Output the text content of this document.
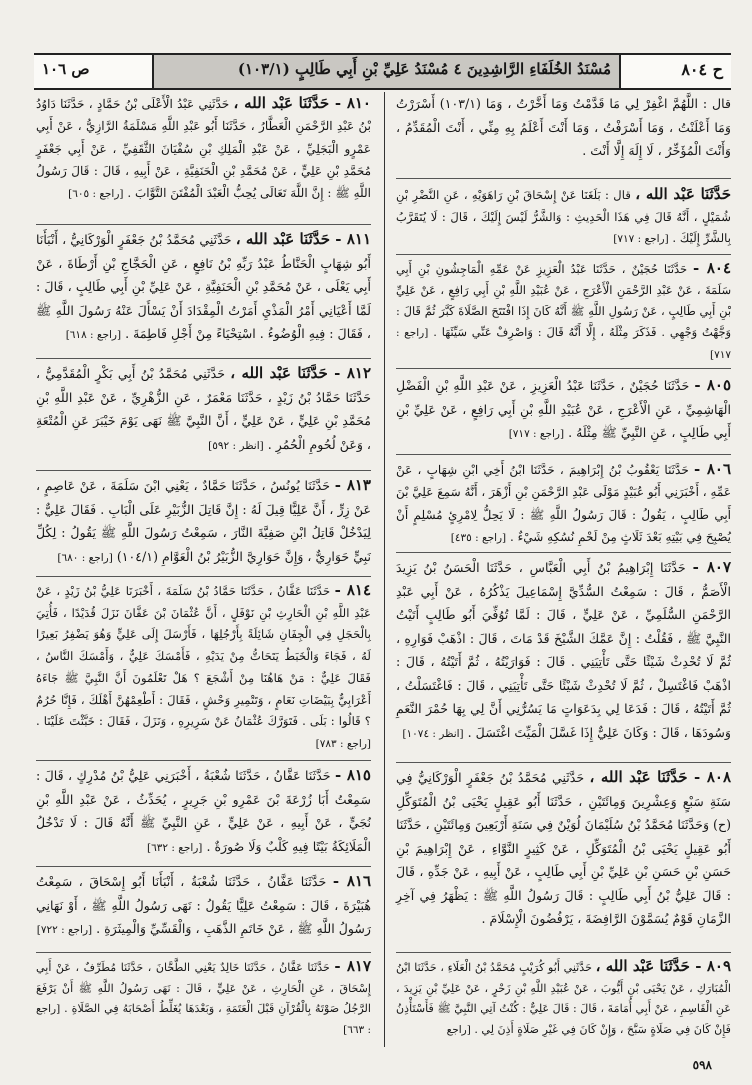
ح ٨٠٤
مُسْنَدُ الخُلَفَاءِ الرَّاشِدِينَ ٤ مُسْنَدُ عَلِيِّ بْنِ أَبِي طَالِبٍ (١٠٣/١)
ص ١٠٦
قال : اللَّهُمَّ اغْفِرْ لِي مَا قَدَّمْتُ وَمَا أَخَّرْتُ ، وَمَا (١٠٣/١) أَسْرَرْتُ وَمَا أَعْلَنْتُ ، وَمَا أَسْرَفْتُ ، وَمَا أَنْتَ أَعْلَمُ بِهِ مِنِّي ، أَنْتَ الْمُقَدِّمُ ، وَأَنْتَ الْمُؤَخِّرُ ، لَا إِلَهَ إِلَّا أَنْتَ .
حَدَّثَنَا عَبْد الله ، قال : بَلَغَنَا عَنْ إِسْحَاقَ بْنِ رَاهَوَيْهِ ، عَنِ النَّضْرِ بْنِ شُمَيْلٍ ، أَنَّهُ قَالَ فِي هَذَا الْحَدِيثِ : وَالشَّرُّ لَيْسَ إِلَيْكَ ، قَالَ : لَا يُتَقَرَّبُ بِالشَّرِّ إِلَيْكَ . [راجع : ٧١٧]
٨٠٤ - حَدَّثَنَا حُجَيْنٌ ، حَدَّثَنَا عَبْدُ الْعَزِيزِ عَنْ عَمِّهِ الْمَاجِشُونِ بْنِ أَبِي سَلَمَةَ ، عَنْ عَبْدِ الرَّحْمَنِ الْأَعْرَجِ ، عَنْ عُبَيْدِ اللَّهِ بْنِ أَبِي رَافِعٍ ، عَنْ عَلِيِّ بْنِ أَبِي طَالِبٍ ، عَنْ رَسُولِ اللَّهِ ﷺ أَنَّهُ كَانَ إِذَا افْتَتَحَ الصَّلَاةَ كَبَّرَ ثُمَّ قَالَ : وَجَّهْتُ وَجْهِي . فَذَكَرَ مِثْلَهُ ، إِلَّا أَنَّهُ قَالَ : وَاصْرِفْ عَنِّي سَيِّئَهَا . [راجع : ٧١٧]
٨٠٥ - حَدَّثَنَا حُجَيْنٌ ، حَدَّثَنَا عَبْدُ الْعَزِيزِ ، عَنْ عَبْدِ اللَّهِ بْنِ الْفَضْلِ الْهَاشِمِيِّ ، عَنِ الْأَعْرَجِ ، عَنْ عُبَيْدِ اللَّهِ بْنِ أَبِي رَافِعٍ ، عَنْ عَلِيِّ بْنِ أَبِي طَالِبٍ ، عَنِ النَّبِيِّ ﷺ مِثْلَهُ . [راجع : ٧١٧]
٨٠٦ - حَدَّثَنَا يَعْقُوبُ بْنُ إِبْرَاهِيمَ ، حَدَّثَنَا ابْنُ أَخِي ابْنِ شِهَابٍ ، عَنْ عَمِّهِ ، أَخْبَرَنِي أَبُو عُبَيْدٍ مَوْلَى عَبْدِ الرَّحْمَنِ بْنِ أَزْهَرَ ، أَنَّهُ سَمِعَ عَلِيَّ بْنَ أَبِي طَالِبٍ ، يَقُولُ : قَالَ رَسُولُ اللَّهِ ﷺ : لَا يَحِلُّ لِامْرِئٍ مُسْلِمٍ أَنْ يُصْبِحَ فِي بَيْتِهِ بَعْدَ ثَلَاثٍ مِنْ لَحْمِ نُسُكِهِ شَيْءٌ . [راجع : ٤٣٥]
٨٠٧ - حَدَّثَنَا إِبْرَاهِيمُ بْنُ أَبِي الْعَبَّاسِ ، حَدَّثَنَا الْحَسَنُ بْنُ يَزِيدَ الْأَصَمُّ ، قَالَ : سَمِعْتُ السُّدِّيَّ إِسْمَاعِيلَ يَذْكُرُهُ ، عَنْ أَبِي عَبْدِ الرَّحْمَنِ السُّلَمِيِّ ، عَنْ عَلِيٍّ ، قَالَ : لَمَّا تُوُفِّيَ أَبُو طَالِبٍ أَتَيْتُ النَّبِيَّ ﷺ ، فَقُلْتُ : إِنَّ عَمَّكَ الشَّيْخَ قَدْ مَاتَ ، قَالَ : اذْهَبْ فَوَارِهِ ، ثُمَّ لَا تُحْدِثْ شَيْئًا حَتَّى تَأْتِيَنِي . قَالَ : فَوَارَيْتُهُ ، ثُمَّ أَتَيْتُهُ ، قَالَ : اذْهَبْ فَاغْتَسِلْ ، ثُمَّ لَا تُحْدِثْ شَيْئًا حَتَّى تَأْتِيَنِي ، قَالَ : فَاغْتَسَلْتُ ، ثُمَّ أَتَيْتُهُ ، قَالَ : فَدَعَا لِي بِدَعَوَاتٍ مَا يَسُرُّنِي أَنَّ لِي بِهَا حُمْرَ النَّعَمِ وَسُودَهَا ، قَالَ : وَكَانَ عَلِيٌّ إِذَا غَسَّلَ الْمَيِّتَ اغْتَسَلَ . [انظر : ١٠٧٤]
٨٠٨ - حَدَّثَنَا عَبْد الله ، حَدَّثَنِي مُحَمَّدُ بْنُ جَعْفَرٍ الْوَرْكَانِيُّ فِي سَنَةِ سَبْعٍ وَعِشْرِينَ وَمِائَتَيْنِ ، حَدَّثَنَا أَبُو عَقِيلٍ يَحْيَى بْنُ الْمُتَوَكِّلِ (ح) وَحَدَّثَنَا مُحَمَّدُ بْنُ سُلَيْمَانَ لُوَيْنٌ فِي سَنَةِ أَرْبَعِينَ وَمِائَتَيْنِ ، حَدَّثَنَا أَبُو عَقِيلٍ يَحْيَى بْنُ الْمُتَوَكِّلِ ، عَنْ كَثِيرٍ النَّوَّاءِ ، عَنْ إِبْرَاهِيمَ بْنِ حَسَنِ بْنِ حَسَنِ بْنِ عَلِيِّ بْنِ أَبِي طَالِبٍ ، عَنْ أَبِيهِ ، عَنْ جَدِّهِ ، قَالَ : قَالَ عَلِيُّ بْنُ أَبِي طَالِبٍ : قَالَ رَسُولُ اللَّهِ ﷺ : يَظْهَرُ فِي آخِرِ الزَّمَانِ قَوْمٌ يُسَمَّوْنَ الرَّافِضَةَ ، يَرْفُضُونَ الْإِسْلَامَ .
٨٠٩ - حَدَّثَنَا عَبْد الله ، حَدَّثَنِي أَبُو كُرَيْبٍ مُحَمَّدُ بْنُ الْعَلَاءِ ، حَدَّثَنَا ابْنُ الْمُبَارَكِ ، عَنْ يَحْيَى بْنِ أَيُّوبَ ، عَنْ عُبَيْدِ اللَّهِ بْنِ زَحْرٍ ، عَنْ عَلِيِّ بْنِ يَزِيدَ ، عَنِ الْقَاسِمِ ، عَنْ أَبِي أُمَامَةَ ، قَالَ : قَالَ عَلِيٌّ : كُنْتُ آتِي النَّبِيَّ ﷺ فَأَسْتَأْذِنُ فَإِنْ كَانَ فِي صَلَاةٍ سَبَّحَ ، وَإِنْ كَانَ فِي غَيْرِ صَلَاةٍ أَذِنَ لِي . [راجع
٨١٠ - حَدَّثَنَا عَبْد الله ، حَدَّثَنِي عَبْدُ الْأَعْلَى بْنُ حَمَّادٍ ، حَدَّثَنَا دَاوُدُ بْنُ عَبْدِ الرَّحْمَنِ الْعَطَّارُ ، حَدَّثَنَا أَبُو عَبْدِ اللَّهِ مَسْلَمَةُ الرَّازِيُّ ، عَنْ أَبِي عَمْرٍو الْبَجَلِيِّ ، عَنْ عَبْدِ الْمَلِكِ بْنِ سُفْيَانَ الثَّقَفِيِّ ، عَنْ أَبِي جَعْفَرٍ مُحَمَّدِ بْنِ عَلِيٍّ ، عَنْ مُحَمَّدِ بْنِ الْحَنَفِيَّةِ ، عَنْ أَبِيهِ ، قَالَ : قَالَ رَسُولُ اللَّهِ ﷺ : إِنَّ اللَّهَ تَعَالَى يُحِبُّ الْعَبْدَ الْمُفْتَنَ التَّوَّابَ . [راجع : ٦٠٥]
٨١١ - حَدَّثَنَا عَبْد الله ، حَدَّثَنِي مُحَمَّدُ بْنُ جَعْفَرٍ الْوَرْكَانِيُّ ، أَنْبَأَنَا أَبُو شِهَابٍ الْحَنَّاطُ عَبْدُ رَبِّهِ بْنُ نَافِعٍ ، عَنِ الْحَجَّاجِ بْنِ أَرْطَاةَ ، عَنْ أَبِي يَعْلَى ، عَنْ مُحَمَّدِ بْنِ الْحَنَفِيَّةِ ، عَنْ عَلِيِّ بْنِ أَبِي طَالِبٍ ، قَالَ : لَمَّا أَعْيَانِي أَمْرُ الْمَذْيِ أَمَرْتُ الْمِقْدَادَ أَنْ يَسْأَلَ عَنْهُ رَسُولَ اللَّهِ ﷺ ، فَقَالَ : فِيهِ الْوُضُوءُ . اسْتِحْيَاءً مِنْ أَجْلِ فَاطِمَةَ . [راجع : ٦١٨]
٨١٢ - حَدَّثَنَا عَبْد الله ، حَدَّثَنِي مُحَمَّدُ بْنُ أَبِي بَكْرٍ الْمُقَدَّمِيُّ ، حَدَّثَنَا حَمَّادُ بْنُ زَيْدٍ ، حَدَّثَنَا مَعْمَرٌ ، عَنِ الزُّهْرِيِّ ، عَنْ عَبْدِ اللَّهِ بْنِ مُحَمَّدِ بْنِ عَلِيٍّ ، عَنْ عَلِيٍّ ، أَنَّ النَّبِيَّ ﷺ نَهَى يَوْمَ خَيْبَرَ عَنِ الْمُتْعَةِ ، وَعَنْ لُحُومِ الْحُمُرِ . [انظر : ٥٩٢]
٨١٣ - حَدَّثَنَا يُونُسُ ، حَدَّثَنَا حَمَّادٌ ، يَعْنِي ابْنَ سَلَمَةَ ، عَنْ عَاصِمٍ ، عَنْ زِرٍّ ، أَنَّ عَلِيًّا قِيلَ لَهُ : إِنَّ قَاتِلَ الزُّبَيْرِ عَلَى الْبَابِ . فَقَالَ عَلِيٌّ : لِيَدْخُلْ قَاتِلُ ابْنِ صَفِيَّةَ النَّارَ ، سَمِعْتُ رَسُولَ اللَّهِ ﷺ يَقُولُ : لِكُلِّ نَبِيٍّ حَوَارِيٌّ ، وَإِنَّ حَوَارِيَّ الزُّبَيْرُ بْنُ الْعَوَّامِ (١٠٤/١) [راجع : ٦٨٠]
٨١٤ - حَدَّثَنَا عَفَّانُ ، حَدَّثَنَا حَمَّادُ بْنُ سَلَمَةَ ، أَخْبَرَنَا عَلِيُّ بْنُ زَيْدٍ ، عَنْ عَبْدِ اللَّهِ بْنِ الْحَارِثِ بْنِ نَوْفَلٍ ، أَنَّ عُثْمَانَ بْنَ عَفَّانَ نَزَلَ قُدَيْدًا ، فَأُتِيَ بِالْحَجَلِ فِي الْجِفَانِ شَائِلَةً بِأَرْجُلِهَا ، فَأَرْسَلَ إِلَى عَلِيٍّ وَهُوَ يَضْفِرُ بَعِيرًا لَهُ ، فَجَاءَ وَالْخَبَطُ يَتَحَاتُّ مِنْ يَدَيْهِ ، فَأَمْسَكَ عَلِيٌّ ، وَأَمْسَكَ النَّاسُ ، فَقَالَ عَلِيٌّ : مَنْ هَاهُنَا مِنْ أَشْجَعَ ؟ هَلْ تَعْلَمُونَ أَنَّ النَّبِيَّ ﷺ جَاءَهُ أَعْرَابِيٌّ بِبَيْضَاتِ نَعَامٍ ، وَتَتْمِيرِ وَحْشٍ ، فَقَالَ : أَطْعِمْهُنَّ أَهْلَكَ ، فَإِنَّا حُرُمٌ ؟ قَالُوا : بَلَى . فَتَوَرَّكَ عُثْمَانُ عَنْ سَرِيرِهِ ، وَنَزَلَ ، فَقَالَ : خَبَّثْتَ عَلَيْنَا . [راجع : ٧٨٣]
٨١٥ - حَدَّثَنَا عَفَّانُ ، حَدَّثَنَا شُعْبَةُ ، أَخْبَرَنِي عَلِيُّ بْنُ مُدْرِكٍ ، قَالَ : سَمِعْتُ أَبَا زُرْعَةَ بْنَ عَمْرِو بْنِ جَرِيرٍ ، يُحَدِّثُ ، عَنْ عَبْدِ اللَّهِ بْنِ نُجَيٍّ ، عَنْ أَبِيهِ ، عَنْ عَلِيٍّ ، عَنِ النَّبِيِّ ﷺ أَنَّهُ قَالَ : لَا تَدْخُلُ الْمَلَائِكَةُ بَيْتًا فِيهِ كَلْبٌ وَلَا صُورَةٌ . [راجع : ٦٣٢]
٨١٦ - حَدَّثَنَا عَفَّانُ ، حَدَّثَنَا شُعْبَةُ ، أَنْبَأَنَا أَبُو إِسْحَاقَ ، سَمِعْتُ هُبَيْرَةَ ، قَالَ : سَمِعْتُ عَلِيًّا يَقُولُ : نَهَى رَسُولُ اللَّهِ ﷺ ، أَوْ نَهَانِي رَسُولُ اللَّهِ ﷺ ، عَنْ خَاتَمِ الذَّهَبِ ، وَالْقَسِّيِّ وَالْمِيثَرَةِ . [راجع : ٧٢٢]
٨١٧ - حَدَّثَنَا عَفَّانُ ، حَدَّثَنَا خَالِدٌ يَعْنِي الطَّحَّانَ ، حَدَّثَنَا مُطَرِّفٌ ، عَنْ أَبِي إِسْحَاقَ ، عَنِ الْحَارِثِ ، عَنْ عَلِيٍّ ، قَالَ : نَهَى رَسُولُ اللَّهِ ﷺ أَنْ يَرْفَعَ الرَّجُلُ صَوْتَهُ بِالْقُرْآنِ قَبْلَ الْعَتَمَةِ ، وَبَعْدَهَا يُغَلِّطُ أَصْحَابَهُ فِي الصَّلَاةِ . [راجع : ٦٦٣]
٥٩٨
